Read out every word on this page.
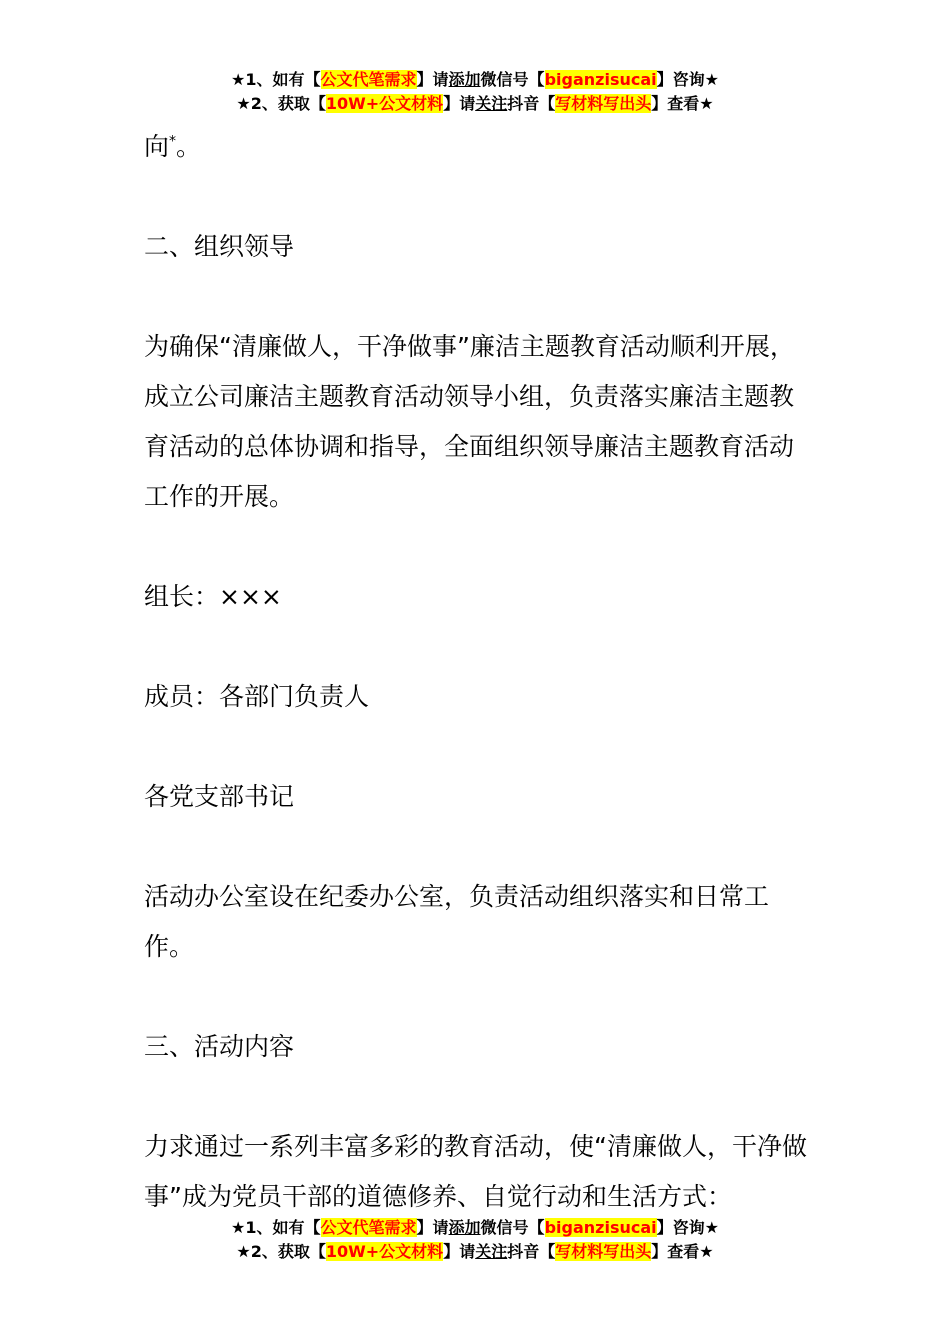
★1、如有【公文代笔需求】请添加微信号【biganzisucai】咨询★
★2、获取【10W+公文材料】请关注抖音【写材料写出头】查看★

向*。

二、组织领导

为确保“清廉做人，干净做事”廉洁主题教育活动顺利开展，成立公司廉洁主题教育活动领导小组，负责落实廉洁主题教育活动的总体协调和指导，全面组织领导廉洁主题教育活动工作的开展。

组长：×××

成员：各部门负责人

各党支部书记

活动办公室设在纪委办公室，负责活动组织落实和日常工作。

三、活动内容

力求通过一系列丰富多彩的教育活动，使“清廉做人，干净做事”成为党员干部的道德修养、自觉行动和生活方式：

★1、如有【公文代笔需求】请添加微信号【biganzisucai】咨询★
★2、获取【10W+公文材料】请关注抖音【写材料写出头】查看★
